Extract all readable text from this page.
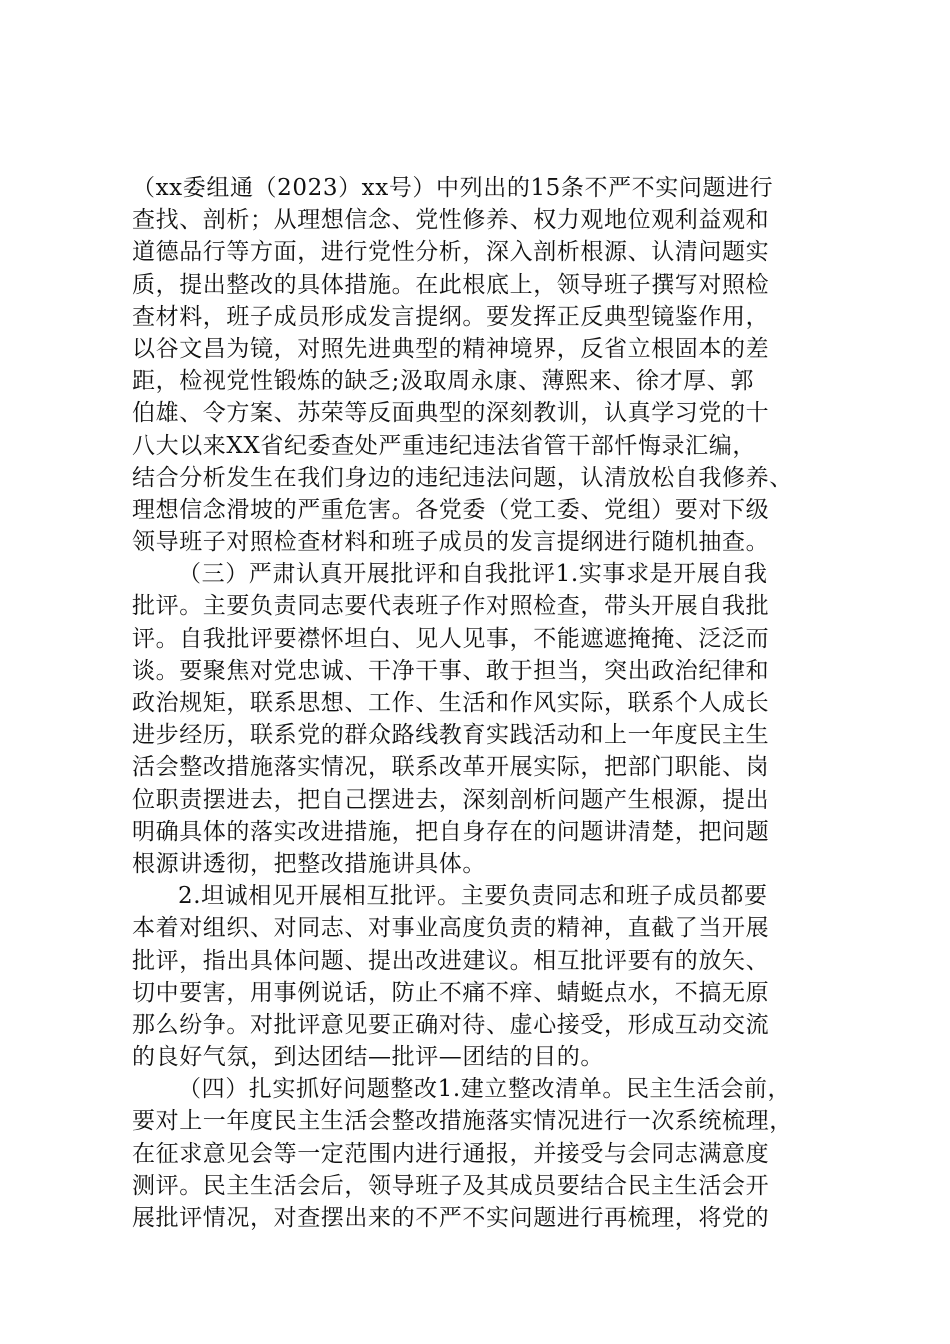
（xx委组通（2023）xx号）中列出的15条不严不实问题进行
查找、剖析；从理想信念、党性修养、权力观地位观利益观和
道德品行等方面，进行党性分析，深入剖析根源、认清问题实
质，提出整改的具体措施。在此根底上，领导班子撰写对照检
查材料，班子成员形成发言提纲。要发挥正反典型镜鉴作用，
以谷文昌为镜，对照先进典型的精神境界，反省立根固本的差
距，检视党性锻炼的缺乏;汲取周永康、薄熙来、徐才厚、郭
伯雄、令方案、苏荣等反面典型的深刻教训，认真学习党的十
八大以来XX省纪委查处严重违纪违法省管干部忏悔录汇编，
结合分析发生在我们身边的违纪违法问题，认清放松自我修养、
理想信念滑坡的严重危害。各党委（党工委、党组）要对下级
领导班子对照检查材料和班子成员的发言提纲进行随机抽查。
（三）严肃认真开展批评和自我批评1.实事求是开展自我
批评。主要负责同志要代表班子作对照检查，带头开展自我批
评。自我批评要襟怀坦白、见人见事，不能遮遮掩掩、泛泛而
谈。要聚焦对党忠诚、干净干事、敢于担当，突出政治纪律和
政治规矩，联系思想、工作、生活和作风实际，联系个人成长
进步经历，联系党的群众路线教育实践活动和上一年度民主生
活会整改措施落实情况，联系改革开展实际，把部门职能、岗
位职责摆进去，把自己摆进去，深刻剖析问题产生根源，提出
明确具体的落实改进措施，把自身存在的问题讲清楚，把问题
根源讲透彻，把整改措施讲具体。
2.坦诚相见开展相互批评。主要负责同志和班子成员都要
本着对组织、对同志、对事业高度负责的精神，直截了当开展
批评，指出具体问题、提出改进建议。相互批评要有的放矢、
切中要害，用事例说话，防止不痛不痒、蜻蜓点水，不搞无原
那么纷争。对批评意见要正确对待、虚心接受，形成互动交流
的良好气氛，到达团结—批评—团结的目的。
（四）扎实抓好问题整改1.建立整改清单。民主生活会前，
要对上一年度民主生活会整改措施落实情况进行一次系统梳理，
在征求意见会等一定范围内进行通报，并接受与会同志满意度
测评。民主生活会后，领导班子及其成员要结合民主生活会开
展批评情况，对查摆出来的不严不实问题进行再梳理，将党的
